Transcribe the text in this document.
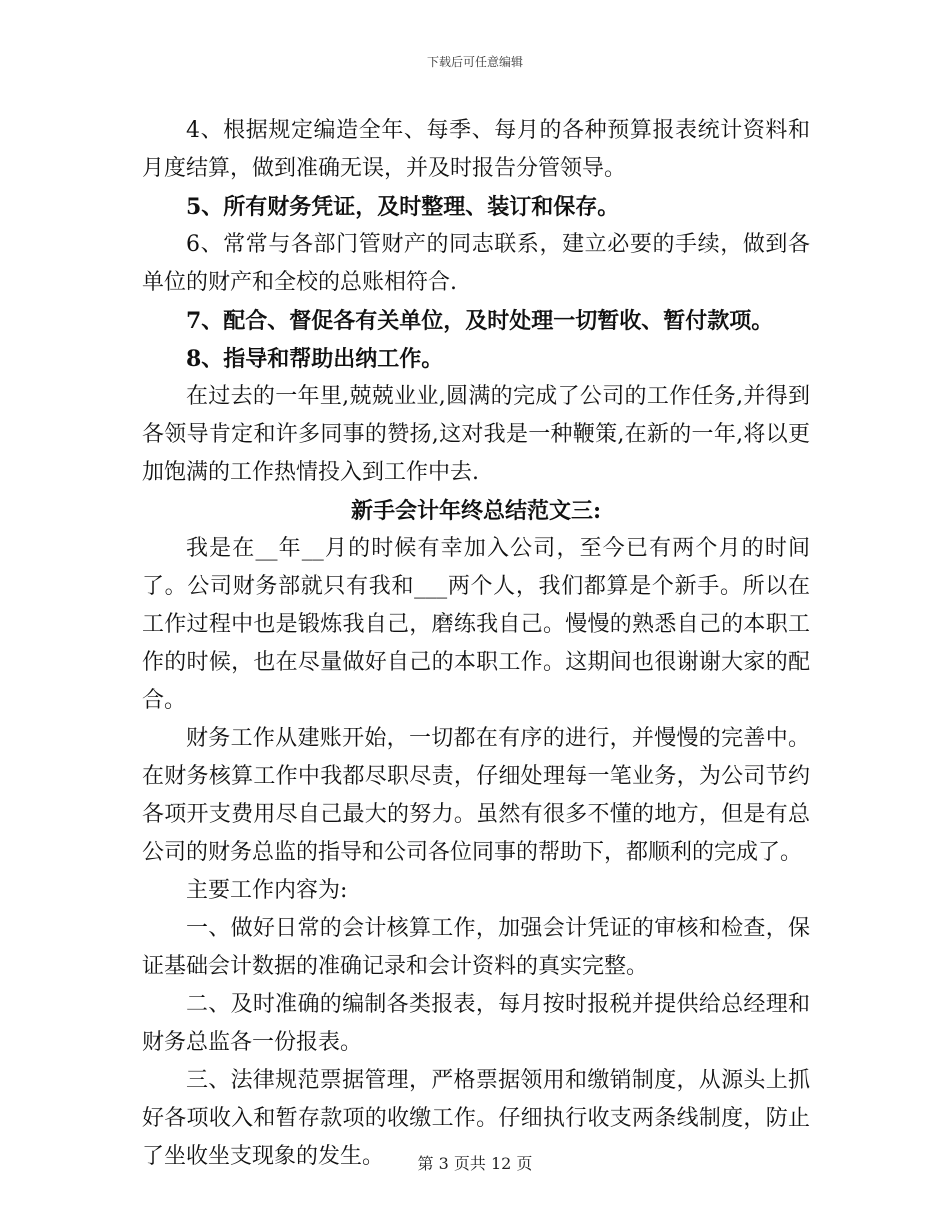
下载后可任意编辑

4、根据规定编造全年、每季、每月的各种预算报表统计资料和月度结算，做到准确无误，并及时报告分管领导。

5、所有财务凭证，及时整理、装订和保存。

6、常常与各部门管财产的同志联系，建立必要的手续，做到各单位的财产和全校的总账相符合.

7、配合、督促各有关单位，及时处理一切暂收、暂付款项。

8、指导和帮助出纳工作。

在过去的一年里,兢兢业业,圆满的完成了公司的工作任务,并得到各领导肯定和许多同事的赞扬,这对我是一种鞭策,在新的一年,将以更加饱满的工作热情投入到工作中去.

新手会计年终总结范文三:

我是在__年__月的时候有幸加入公司，至今已有两个月的时间了。公司财务部就只有我和___两个人，我们都算是个新手。所以在工作过程中也是锻炼我自己，磨练我自己。慢慢的熟悉自己的本职工作的时候，也在尽量做好自己的本职工作。这期间也很谢谢大家的配合。

财务工作从建账开始，一切都在有序的进行，并慢慢的完善中。在财务核算工作中我都尽职尽责，仔细处理每一笔业务，为公司节约各项开支费用尽自己最大的努力。虽然有很多不懂的地方，但是有总公司的财务总监的指导和公司各位同事的帮助下，都顺利的完成了。

主要工作内容为:

一、做好日常的会计核算工作，加强会计凭证的审核和检查，保证基础会计数据的准确记录和会计资料的真实完整。

二、及时准确的编制各类报表，每月按时报税并提供给总经理和财务总监各一份报表。

三、法律规范票据管理，严格票据领用和缴销制度，从源头上抓好各项收入和暂存款项的收缴工作。仔细执行收支两条线制度，防止了坐收坐支现象的发生。	第 3 页共 12 页
